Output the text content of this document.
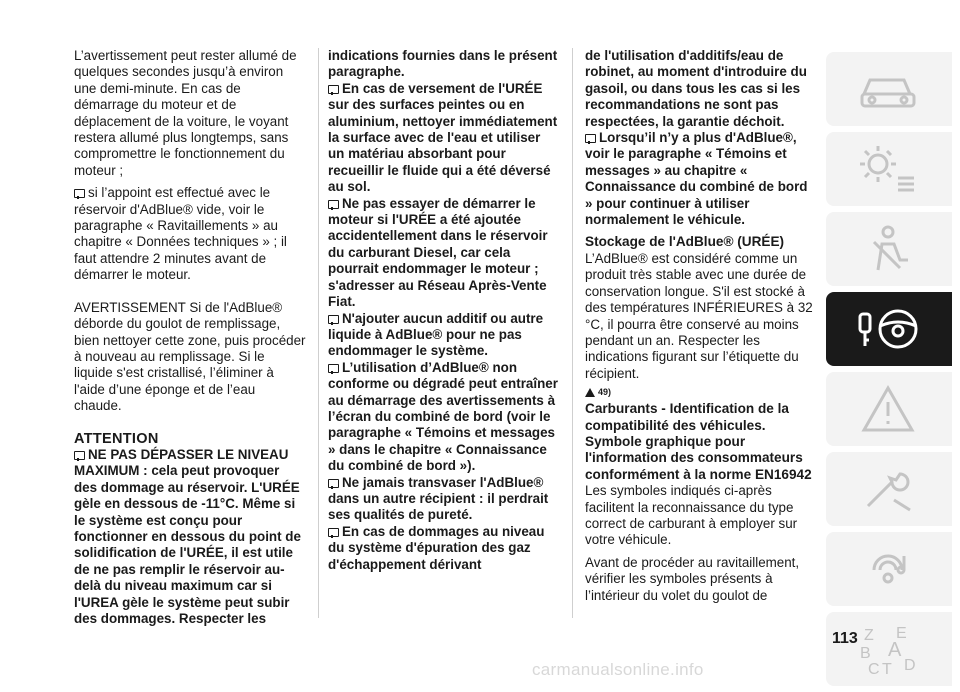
L’avertissement peut rester allumé de quelques secondes jusqu’à environ une demi-minute. En cas de démarrage du moteur et de déplacement de la voiture, le voyant restera allumé plus longtemps, sans compromettre le fonctionnement du moteur ;

si l’appoint est effectué avec le réservoir d'AdBlue® vide, voir le paragraphe « Ravitaillements » au chapitre « Données techniques » ; il faut attendre 2 minutes avant de démarrer le moteur.

AVERTISSEMENT Si de l'AdBlue® déborde du goulot de remplissage, bien nettoyer cette zone, puis procéder à nouveau au remplissage. Si le liquide s'est cristallisé, l’éliminer à l'aide d’une éponge et de l’eau chaude.

ATTENTION

NE PAS DÉPASSER LE NIVEAU MAXIMUM : cela peut provoquer des dommage au réservoir. L'URÉE gèle en dessous de -11°C. Même si le système est conçu pour fonctionner en dessous du point de solidification de l'URÉE, il est utile de ne pas remplir le réservoir au-delà du niveau maximum car si l'UREA gèle le système peut subir des dommages. Respecter les

indications fournies dans le présent paragraphe.

En cas de versement de l'URÉE sur des surfaces peintes ou en aluminium, nettoyer immédiatement la surface avec de l'eau et utiliser un matériau absorbant pour recueillir le fluide qui a été déversé au sol.

Ne pas essayer de démarrer le moteur si l'URÉE a été ajoutée accidentellement dans le réservoir du carburant Diesel, car cela pourrait endommager le moteur ; s'adresser au Réseau Après-Vente Fiat.

N'ajouter aucun additif ou autre liquide à AdBlue® pour ne pas endommager le système.

L’utilisation d’AdBlue® non conforme ou dégradé peut entraîner au démarrage des avertissements à l’écran du combiné de bord (voir le paragraphe « Témoins et messages » dans le chapitre « Connaissance du combiné de bord »).

Ne jamais transvaser l'AdBlue® dans un autre récipient : il perdrait ses qualités de pureté.

En cas de dommages au niveau du système d'épuration des gaz d'échappement dérivant

de l'utilisation d'additifs/eau de robinet, au moment d'introduire du gasoil, ou dans tous les cas si les recommandations ne sont pas respectées, la garantie déchoit.

Lorsqu’il n’y a plus d'AdBlue®, voir le paragraphe « Témoins et messages » au chapitre « Connaissance du combiné de bord » pour continuer à utiliser normalement le véhicule.

Stockage de l'AdBlue® (URÉE)

L’AdBlue® est considéré comme un produit très stable avec une durée de conservation longue. S'il est stocké à des températures INFÉRIEURES à 32 °C, il pourra être conservé au moins pendant un an. Respecter les indications figurant sur l’étiquette du récipient.

49)

Carburants - Identification de la compatibilité des véhicules. Symbole graphique pour l'information des consommateurs conformément à la norme EN16942

Les symboles indiqués ci-après facilitent la reconnaissance du type correct de carburant à employer sur votre véhicule.

Avant de procéder au ravitaillement, vérifier les symboles présents à l’intérieur du volet du goulot de

Z E
B A
C T D
113
carmanualsonline.info
